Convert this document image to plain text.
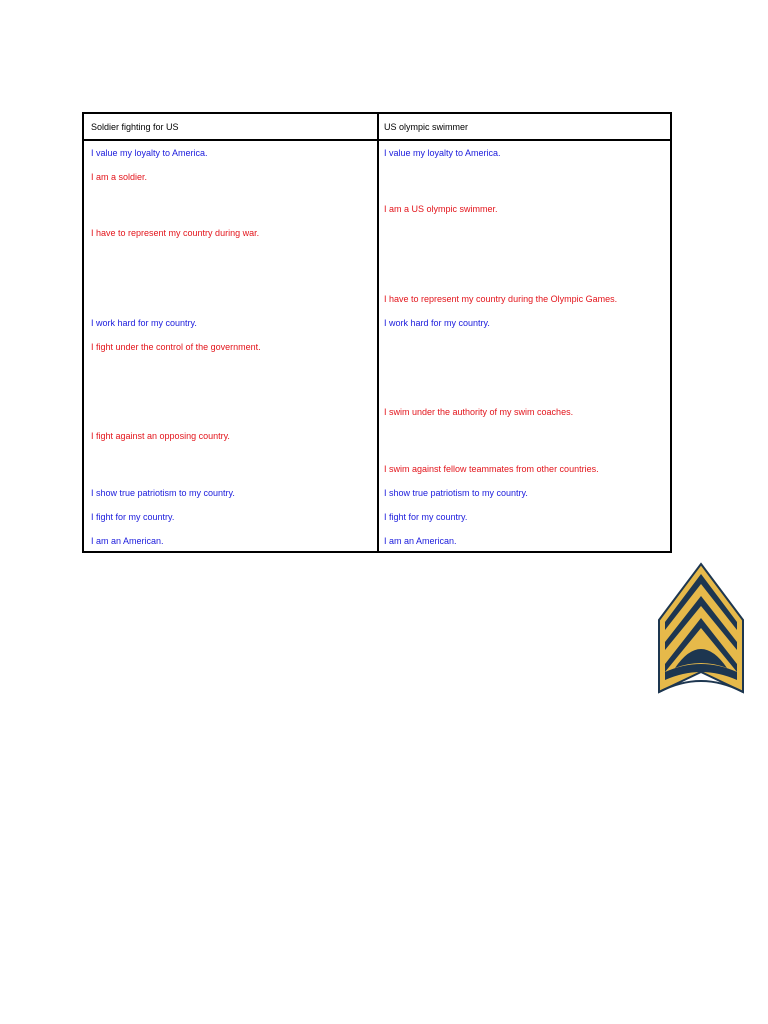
Soldier fighting for US	US olympic swimmer
I value my loyalty to America.
I am a soldier.
I have to represent my country during war.
I work hard for my country.
I fight under the control of the government.
I fight against an opposing country.
I show true patriotism to my country.
I fight for my country.
I am an American.
I value my loyalty to America.
I am a US olympic swimmer.
I have to represent my country during the Olympic Games.
I work hard for my country.
I swim under the authority of my swim coaches.
I swim against fellow teammates from other countries.
I show true patriotism to my country.
I fight for my country.
I am an American.
